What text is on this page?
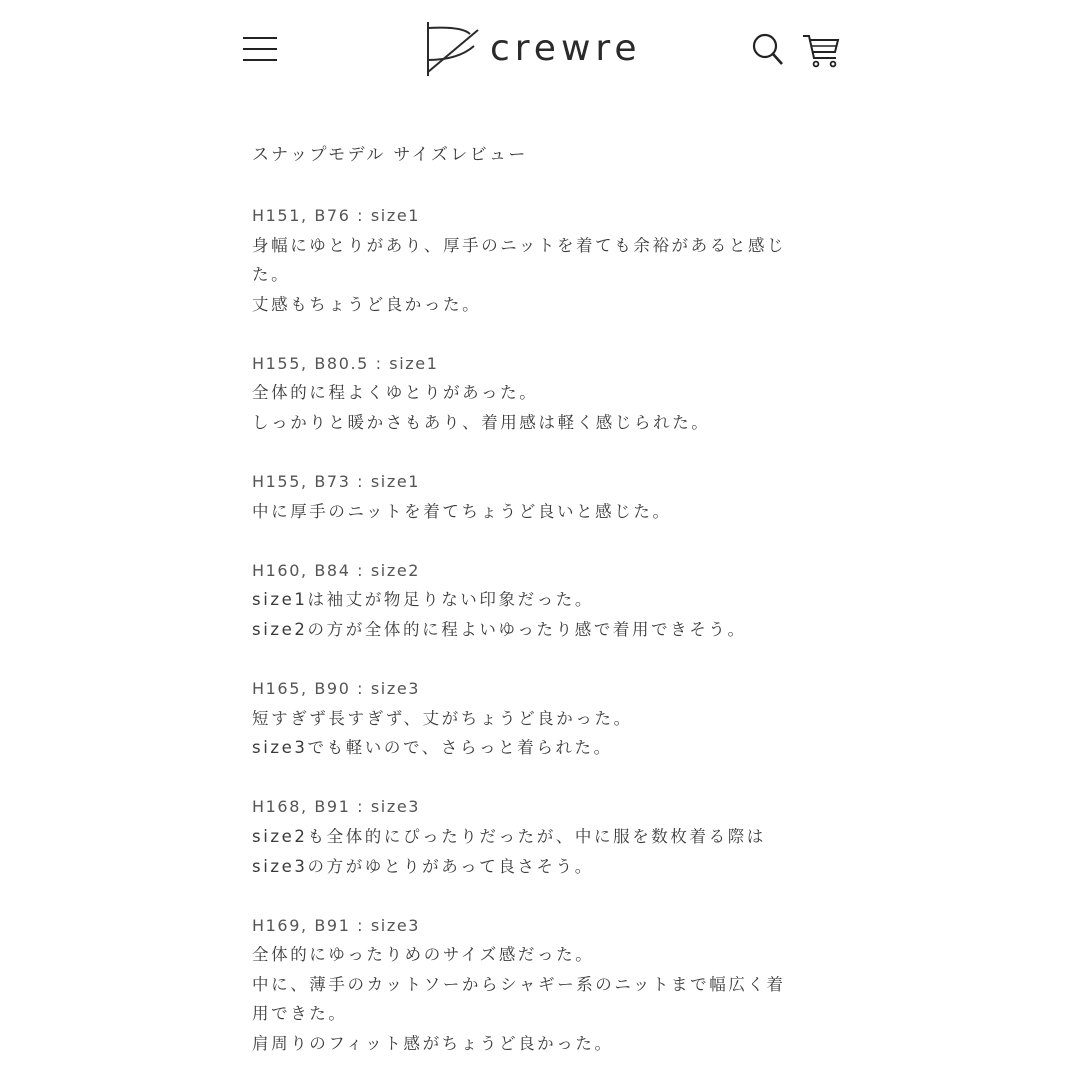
crewre
スナップモデル サイズレビュー
H151, B76 : size1
身幅にゆとりがあり、厚手のニットを着ても余裕があると感じ
た。
丈感もちょうど良かった。
H155, B80.5 : size1
全体的に程よくゆとりがあった。
しっかりと暖かさもあり、着用感は軽く感じられた。
H155, B73 : size1
中に厚手のニットを着てちょうど良いと感じた。
H160, B84 : size2
size1は袖丈が物足りない印象だった。
size2の方が全体的に程よいゆったり感で着用できそう。
H165, B90 : size3
短すぎず長すぎず、丈がちょうど良かった。
size3でも軽いので、さらっと着られた。
H168, B91 : size3
size2も全体的にぴったりだったが、中に服を数枚着る際は
size3の方がゆとりがあって良さそう。
H169, B91 : size3
全体的にゆったりめのサイズ感だった。
中に、薄手のカットソーからシャギー系のニットまで幅広く着
用できた。
肩周りのフィット感がちょうど良かった。
